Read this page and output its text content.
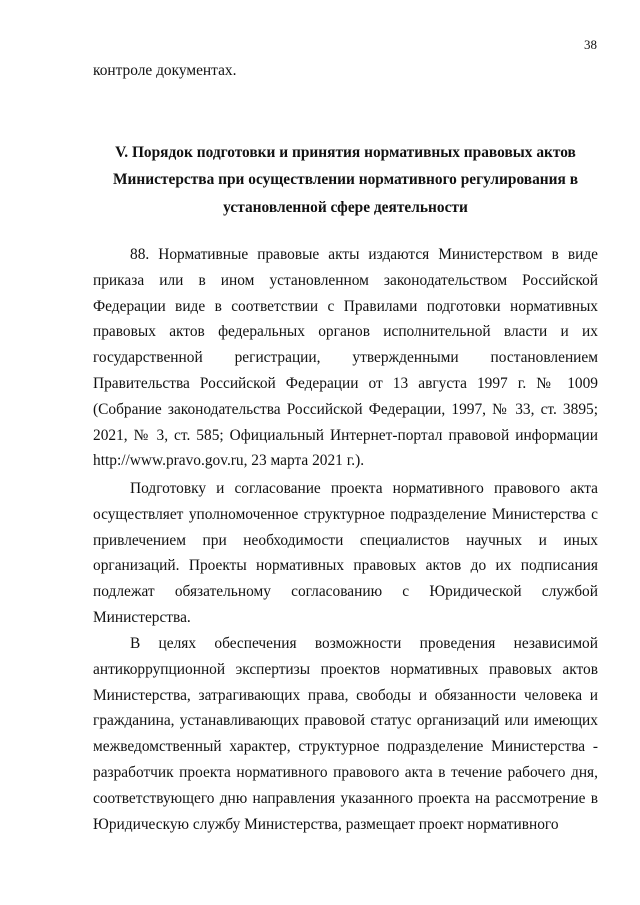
38

контроле документах.

V. Порядок подготовки и принятия нормативных правовых актов
Министерства при осуществлении нормативного регулирования в
установленной сфере деятельности

88. Нормативные правовые акты издаются Министерством в виде приказа или в ином установленном законодательством Российской Федерации виде в соответствии с Правилами подготовки нормативных правовых актов федеральных органов исполнительной власти и их государственной регистрации, утвержденными постановлением Правительства Российской Федерации от 13 августа 1997 г. № 1009 (Собрание законодательства Российской Федерации, 1997, № 33, ст. 3895; 2021, № 3, ст. 585; Официальный Интернет-портал правовой информации http://www.pravo.gov.ru, 23 марта 2021 г.).

Подготовку и согласование проекта нормативного правового акта осуществляет уполномоченное структурное подразделение Министерства с привлечением при необходимости специалистов научных и иных организаций. Проекты нормативных правовых актов до их подписания подлежат обязательному согласованию с Юридической службой Министерства.

В целях обеспечения возможности проведения независимой антикоррупционной экспертизы проектов нормативных правовых актов Министерства, затрагивающих права, свободы и обязанности человека и гражданина, устанавливающих правовой статус организаций или имеющих межведомственный характер, структурное подразделение Министерства - разработчик проекта нормативного правового акта в течение рабочего дня, соответствующего дню направления указанного проекта на рассмотрение в Юридическую службу Министерства, размещает проект нормативного
